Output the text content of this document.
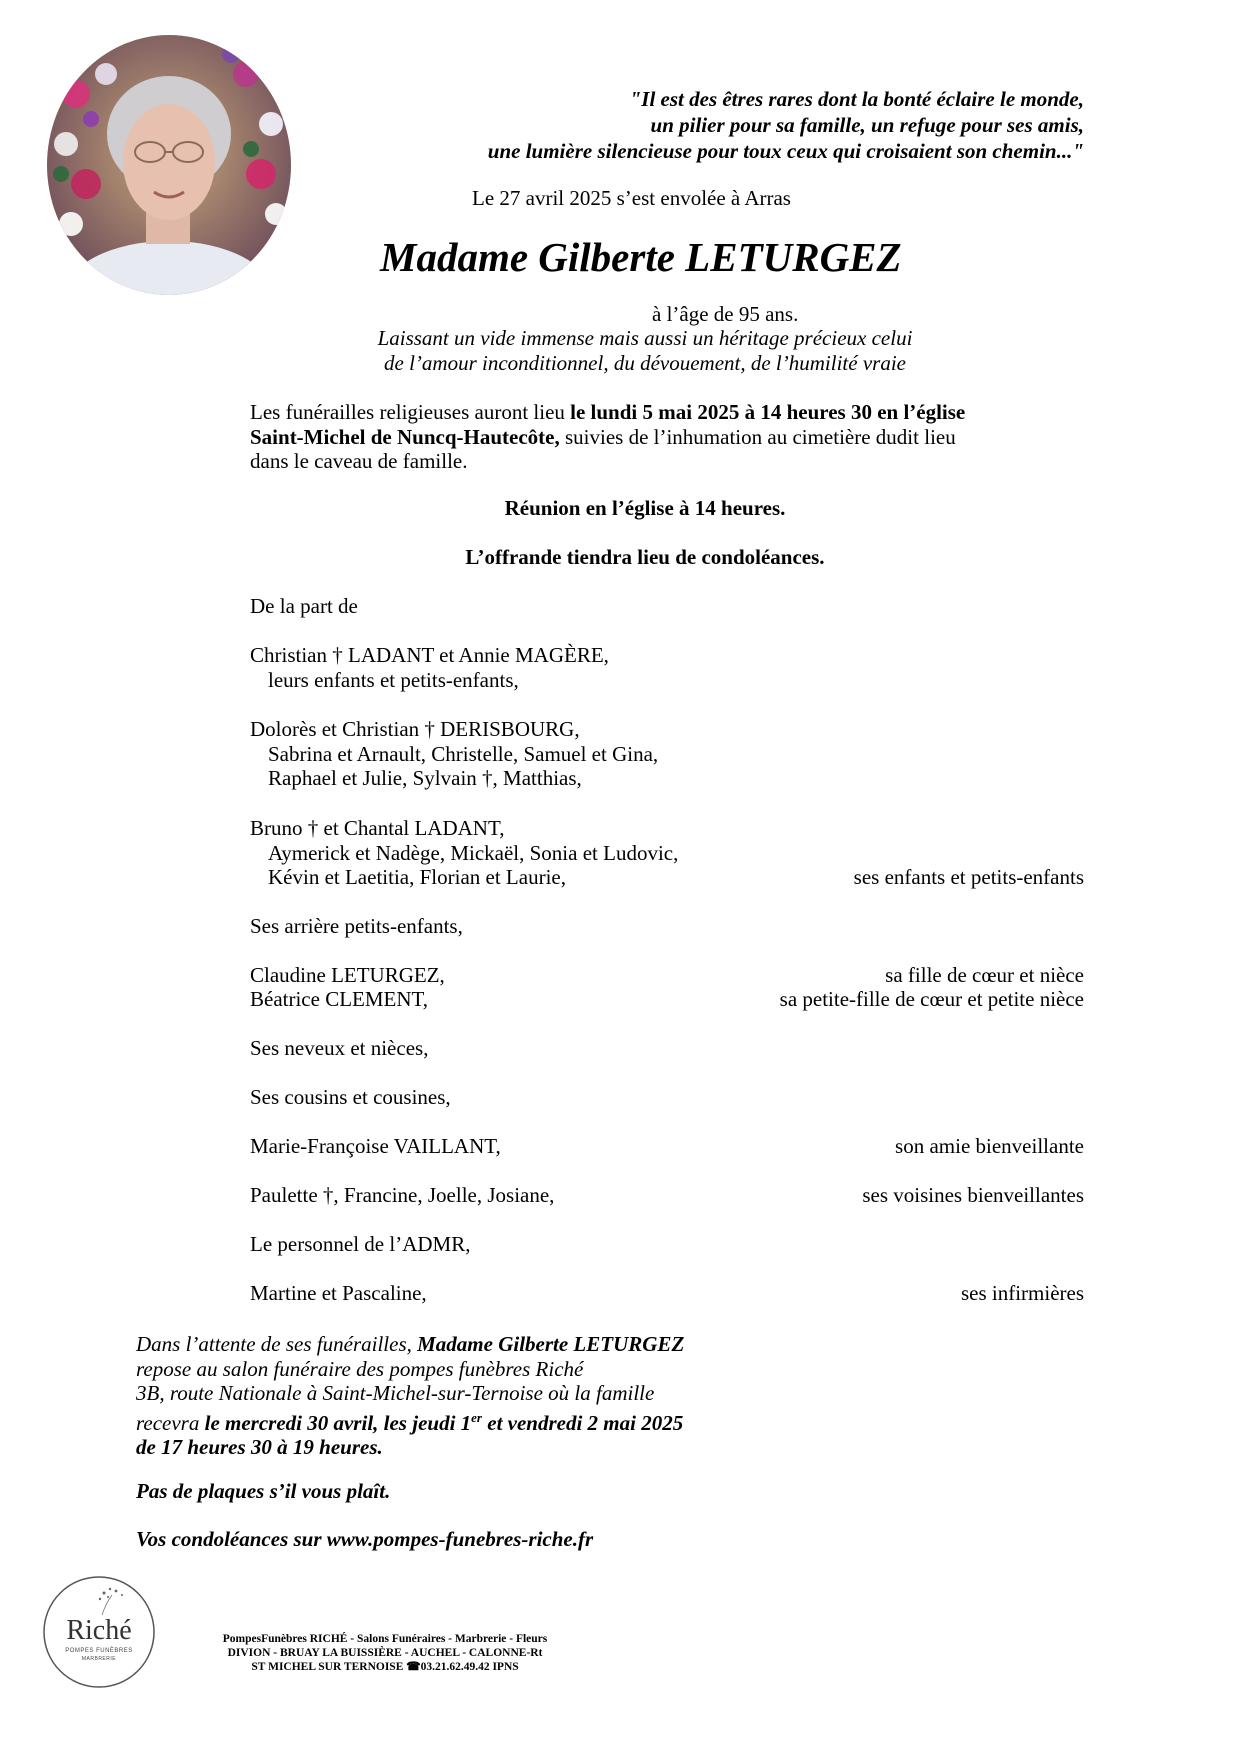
"Il est des êtres rares dont la bonté éclaire le monde,
un pilier pour sa famille, un refuge pour ses amis,
une lumière silencieuse pour toux ceux qui croisaient son chemin..."
Le 27 avril 2025 s’est envolée à Arras
Madame Gilberte LETURGEZ
à l’âge de 95 ans.
Laissant un vide immense mais aussi un héritage précieux celui
de l’amour inconditionnel, du dévouement, de l’humilité vraie
Les funérailles religieuses auront lieu le lundi 5 mai 2025 à 14 heures 30 en l’église
Saint-Michel de Nuncq-Hautecôte, suivies de l’inhumation au cimetière dudit lieu
dans le caveau de famille.
Réunion en l’église à 14 heures.
L’offrande tiendra lieu de condoléances.
De la part de
Christian † LADANT et Annie MAGÈRE,
leurs enfants et petits-enfants,
Dolorès et Christian † DERISBOURG,
Sabrina et Arnault, Christelle, Samuel et Gina,
Raphael et Julie, Sylvain †, Matthias,
Bruno † et Chantal LADANT,
Aymerick et Nadège, Mickaël, Sonia et Ludovic,
Kévin et Laetitia, Florian et Laurie,	ses enfants et petits-enfants
Ses arrière petits-enfants,
Claudine LETURGEZ,	sa fille de cœur et nièce
Béatrice CLEMENT,	sa petite-fille de cœur et petite nièce
Ses neveux et nièces,
Ses cousins et cousines,
Marie-Françoise VAILLANT,	son amie bienveillante
Paulette †, Francine, Joelle, Josiane,	ses voisines bienveillantes
Le personnel de l’ADMR,
Martine et Pascaline,	ses infirmières
Dans l’attente de ses funérailles, Madame Gilberte LETURGEZ
repose au salon funéraire des pompes funèbres Riché
3B, route Nationale à Saint-Michel-sur-Ternoise où la famille
recevra le mercredi 30 avril, les jeudi 1er et vendredi 2 mai 2025
de 17 heures 30 à 19 heures.
Pas de plaques s’il vous plaît.
Vos condoléances sur www.pompes-funebres-riche.fr
Riché
POMPES FUNÈBRES
MARBRERIE
PompesFunèbres RICHÉ - Salons Funéraires - Marbrerie - Fleurs
DIVION - BRUAY LA BUISSIÈRE - AUCHEL - CALONNE-Rt
ST MICHEL SUR TERNOISE ☎03.21.62.49.42 IPNS
